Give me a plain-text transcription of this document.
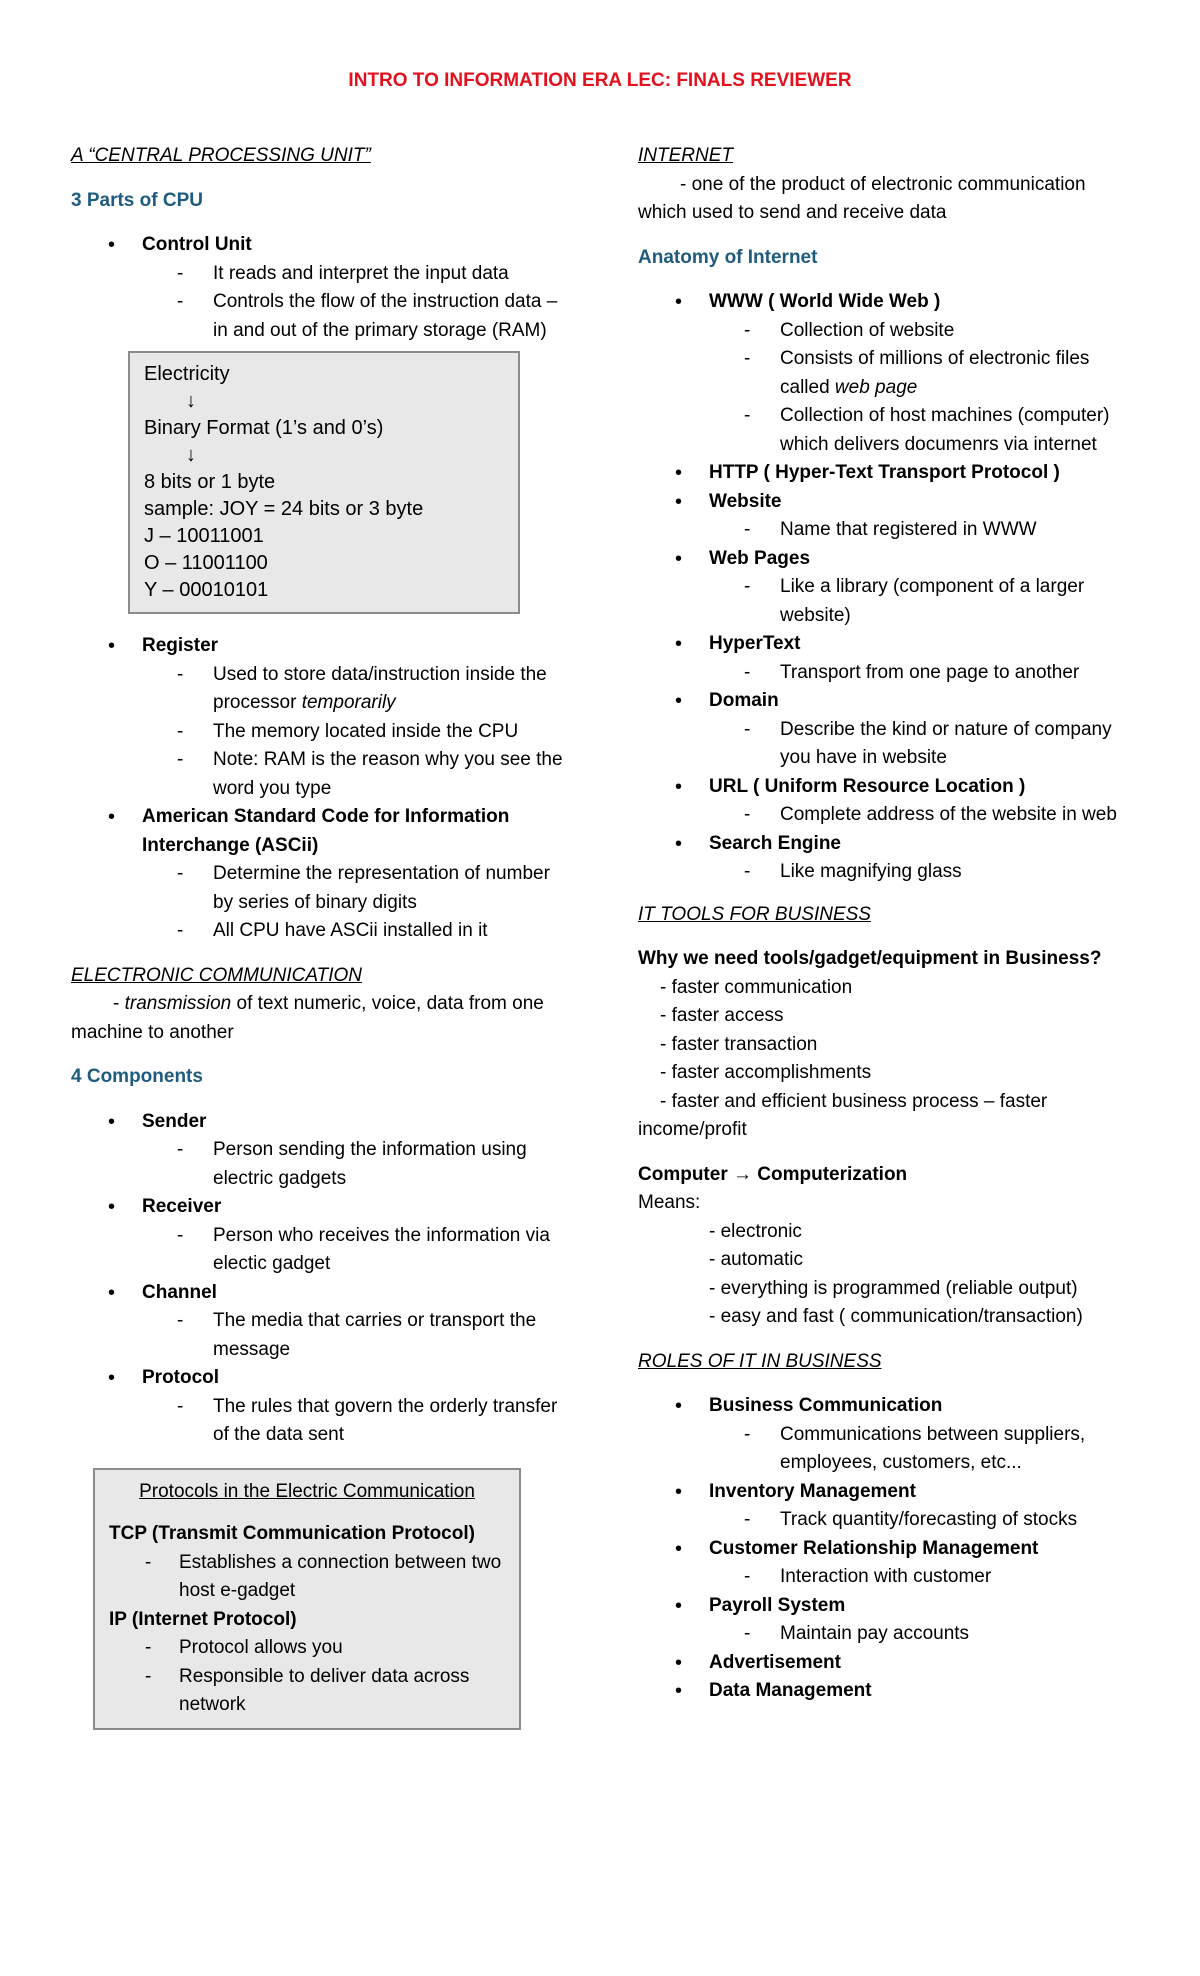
INTRO TO INFORMATION ERA LEC: FINALS REVIEWER
A “CENTRAL PROCESSING UNIT”
3 Parts of CPU
• Control Unit
- It reads and interpret the input data
- Controls the flow of the instruction data – in and out of the primary storage (RAM)
Electricity
↓
Binary Format (1’s and 0’s)
↓
8 bits or 1 byte
sample: JOY = 24 bits or 3 byte
J – 10011001
O – 11001100
Y – 00010101
• Register
- Used to store data/instruction inside the processor temporarily
- The memory located inside the CPU
- Note: RAM is the reason why you see the word you type
• American Standard Code for Information Interchange (ASCii)
- Determine the representation of number by series of binary digits
- All CPU have ASCii installed in it
ELECTRONIC COMMUNICATION
- transmission of text numeric, voice, data from one machine to another
4 Components
• Sender
- Person sending the information using electric gadgets
• Receiver
- Person who receives the information via electic gadget
• Channel
- The media that carries or transport the message
• Protocol
- The rules that govern the orderly transfer of the data sent
Protocols in the Electric Communication
TCP (Transmit Communication Protocol)
- Establishes a connection between two host e-gadget
IP (Internet Protocol)
- Protocol allows you
- Responsible to deliver data across network
INTERNET
- one of the product of electronic communication which used to send and receive data
Anatomy of Internet
• WWW ( World Wide Web )
- Collection of website
- Consists of millions of electronic files called web page
- Collection of host machines (computer) which delivers documenrs via internet
• HTTP ( Hyper-Text Transport Protocol )
• Website
- Name that registered in WWW
• Web Pages
- Like a library (component of a larger website)
• HyperText
- Transport from one page to another
• Domain
- Describe the kind or nature of company you have in website
• URL ( Uniform Resource Location )
- Complete address of the website in web
• Search Engine
- Like magnifying glass
IT TOOLS FOR BUSINESS
Why we need tools/gadget/equipment in Business?
- faster communication
- faster access
- faster transaction
- faster accomplishments
- faster and efficient business process – faster income/profit
Computer → Computerization
Means:
- electronic
- automatic
- everything is programmed (reliable output)
- easy and fast ( communication/transaction)
ROLES OF IT IN BUSINESS
• Business Communication
- Communications between suppliers, employees, customers, etc...
• Inventory Management
- Track quantity/forecasting of stocks
• Customer Relationship Management
- Interaction with customer
• Payroll System
- Maintain pay accounts
• Advertisement
• Data Management
